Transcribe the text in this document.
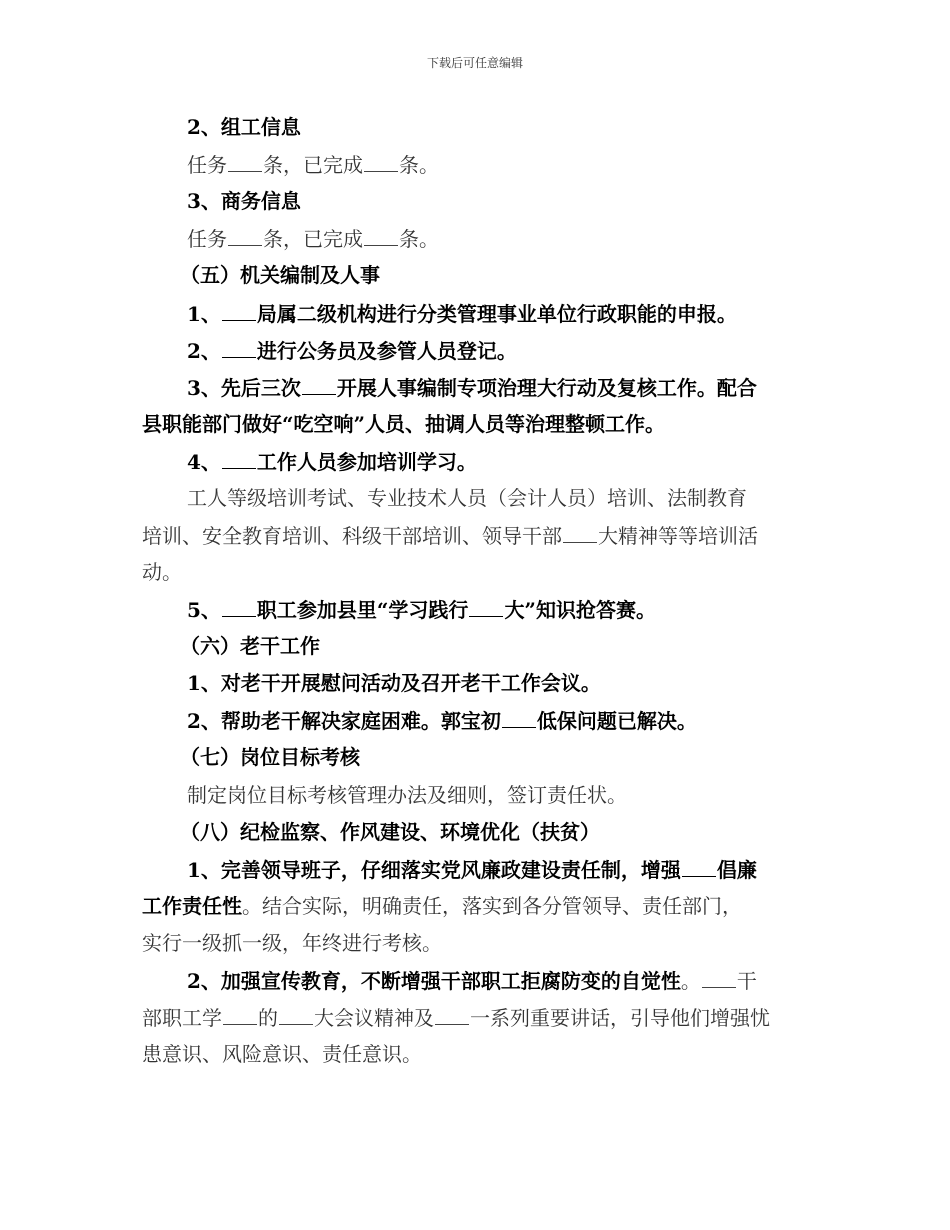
下载后可任意编辑
2、组工信息
任务 条，已完成 条。
3、商务信息
任务 条，已完成 条。
（五）机关编制及人事
1、 局属二级机构进行分类管理事业单位行政职能的申报。
2、 进行公务员及参管人员登记。
3、先后三次 开展人事编制专项治理大行动及复核工作。配合
县职能部门做好“吃空响”人员、抽调人员等治理整顿工作。
4、 工作人员参加培训学习。
工人等级培训考试、专业技术人员（会计人员）培训、法制教育
培训、安全教育培训、科级干部培训、领导干部 大精神等等培训活
动。
5、 职工参加县里“学习践行 大”知识抢答赛。
（六）老干工作
1、对老干开展慰问活动及召开老干工作会议。
2、帮助老干解决家庭困难。郭宝初 低保问题已解决。
（七）岗位目标考核
制定岗位目标考核管理办法及细则，签订责任状。
（八）纪检监察、作风建设、环境优化（扶贫）
1、完善领导班子，仔细落实党风廉政建设责任制，增强 倡廉
工作责任性。结合实际，明确责任，落实到各分管领导、责任部门，
实行一级抓一级，年终进行考核。
2、加强宣传教育，不断增强干部职工拒腐防变的自觉性。 干
部职工学 的 大会议精神及 一系列重要讲话，引导他们增强忧
患意识、风险意识、责任意识。
